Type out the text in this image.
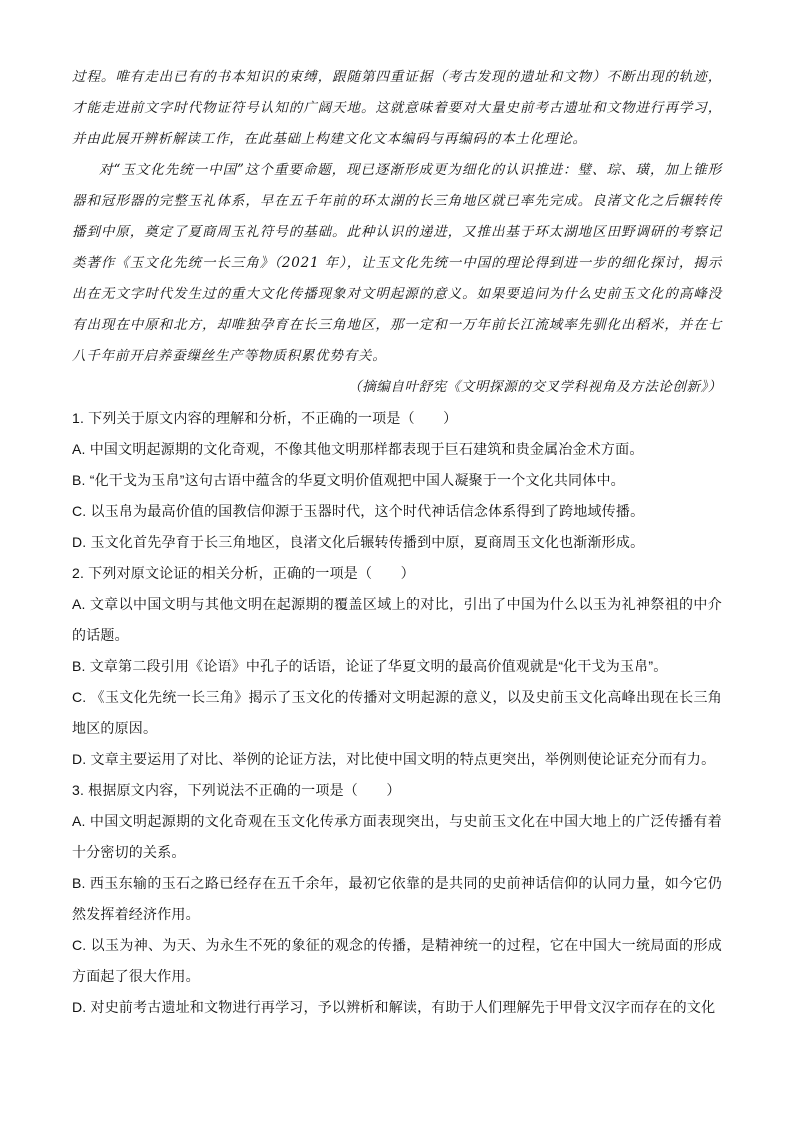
过程。唯有走出已有的书本知识的束缚，跟随第四重证据（考古发现的遗址和文物）不断出现的轨迹，才能走进前文字时代物证符号认知的广阔天地。这就意味着要对大量史前考古遗址和文物进行再学习，并由此展开辨析解读工作，在此基础上构建文化文本编码与再编码的本土化理论。

对“玉文化先统一中国”这个重要命题，现已逐渐形成更为细化的认识推进：璧、琮、璜，加上锥形器和冠形器的完整玉礼体系，早在五千年前的环太湖的长三角地区就已率先完成。良渚文化之后辗转传播到中原，奠定了夏商周玉礼符号的基础。此种认识的递进，又推出基于环太湖地区田野调研的考察记类著作《玉文化先统一长三角》（2021 年），让玉文化先统一中国的理论得到进一步的细化探讨，揭示出在无文字时代发生过的重大文化传播现象对文明起源的意义。如果要追问为什么史前玉文化的高峰没有出现在中原和北方，却唯独孕育在长三角地区，那一定和一万年前长江流域率先驯化出稻米，并在七八千年前开启养蚕缫丝生产等物质积累优势有关。

（摘编自叶舒宪《文明探源的交叉学科视角及方法论创新》）

1. 下列关于原文内容的理解和分析，不正确的一项是（　　）

A. 中国文明起源期的文化奇观，不像其他文明那样都表现于巨石建筑和贵金属冶金术方面。

B. “化干戈为玉帛”这句古语中蕴含的华夏文明价值观把中国人凝聚于一个文化共同体中。

C. 以玉帛为最高价值的国教信仰源于玉器时代，这个时代神话信念体系得到了跨地域传播。

D. 玉文化首先孕育于长三角地区，良渚文化后辗转传播到中原，夏商周玉文化也渐渐形成。

2. 下列对原文论证的相关分析，正确的一项是（　　）

A. 文章以中国文明与其他文明在起源期的覆盖区域上的对比，引出了中国为什么以玉为礼神祭祖的中介的话题。

B. 文章第二段引用《论语》中孔子的话语，论证了华夏文明的最高价值观就是“化干戈为玉帛”。

C. 《玉文化先统一长三角》揭示了玉文化的传播对文明起源的意义，以及史前玉文化高峰出现在长三角地区的原因。

D. 文章主要运用了对比、举例的论证方法，对比使中国文明的特点更突出，举例则使论证充分而有力。

3. 根据原文内容，下列说法不正确的一项是（　　）

A. 中国文明起源期的文化奇观在玉文化传承方面表现突出，与史前玉文化在中国大地上的广泛传播有着十分密切的关系。

B. 西玉东输的玉石之路已经存在五千余年，最初它依靠的是共同的史前神话信仰的认同力量，如今它仍然发挥着经济作用。

C. 以玉为神、为天、为永生不死的象征的观念的传播，是精神统一的过程，它在中国大一统局面的形成方面起了很大作用。

D. 对史前考古遗址和文物进行再学习，予以辨析和解读，有助于人们理解先于甲骨文汉字而存在的文化
